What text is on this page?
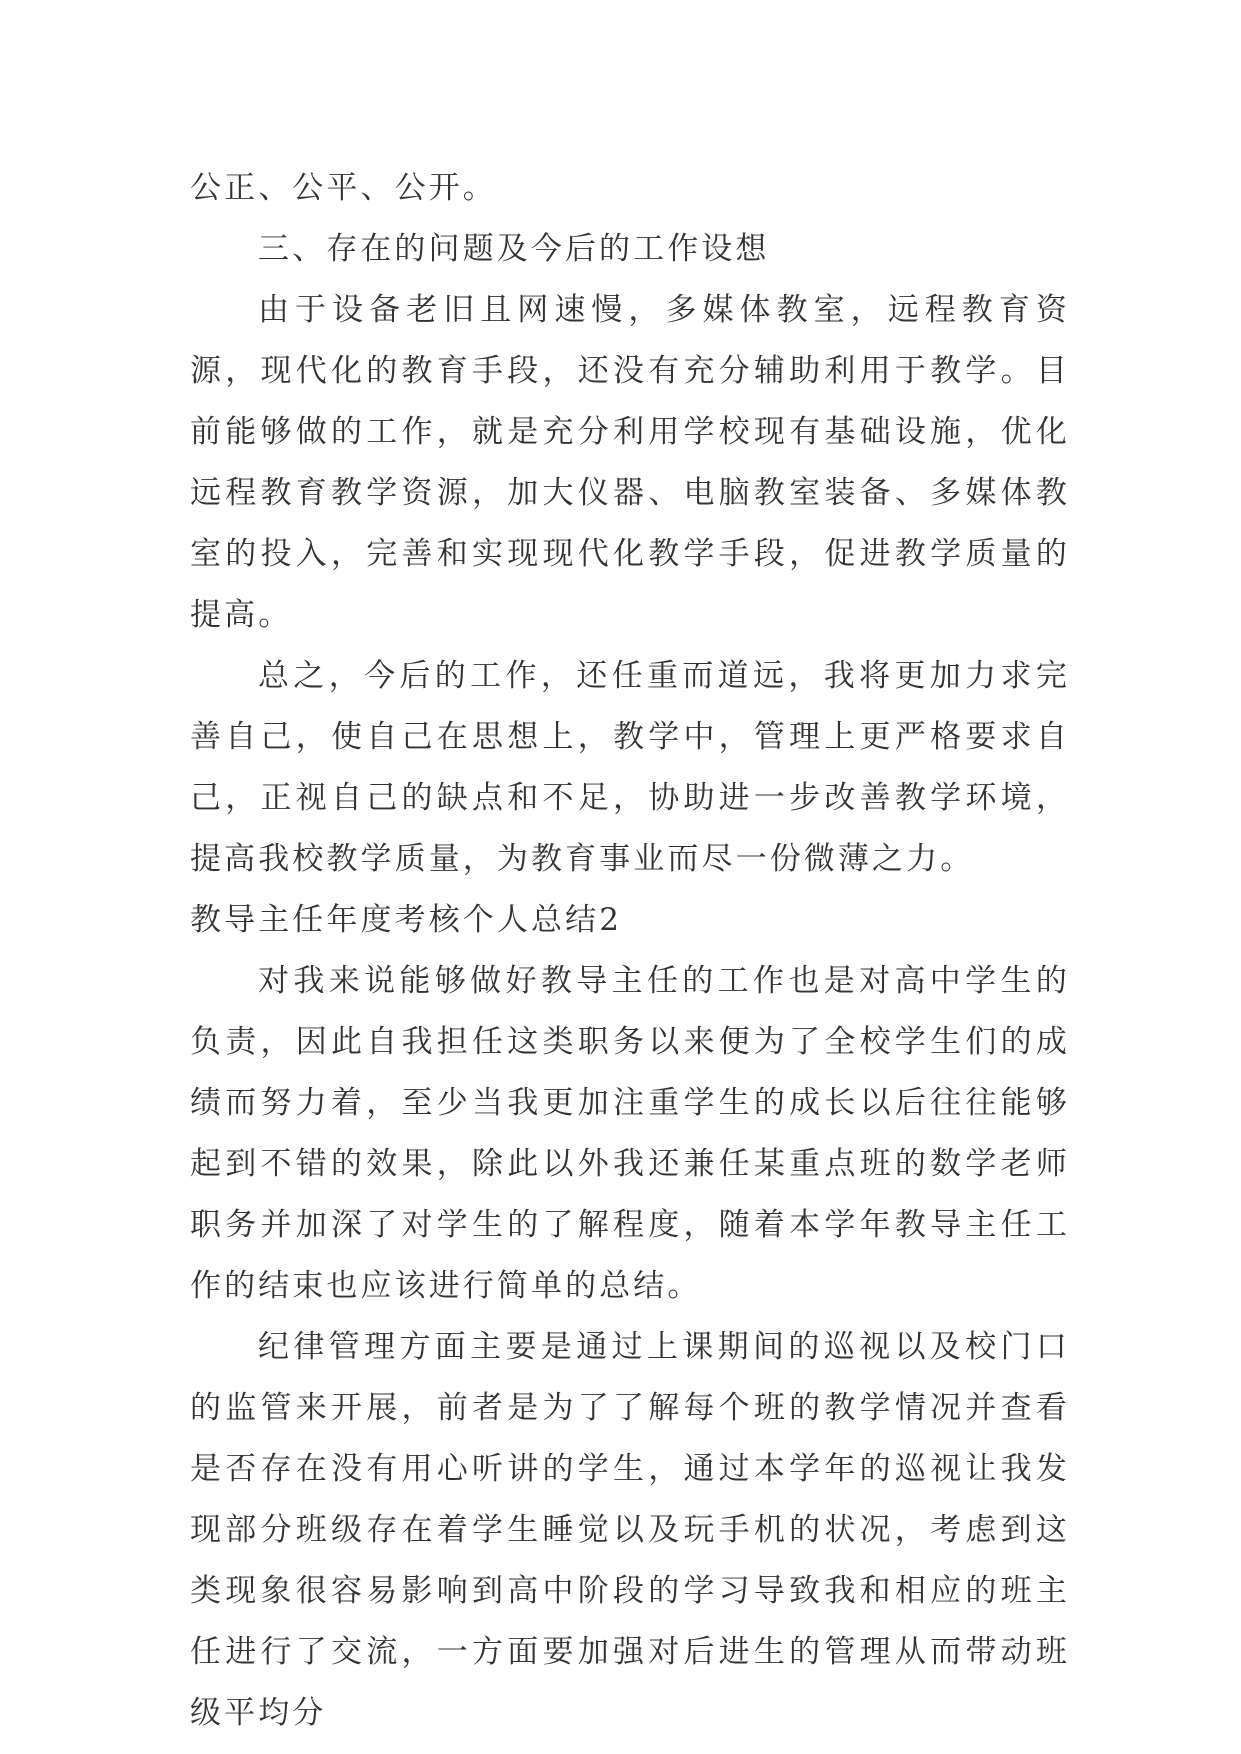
公正、公平、公开。

三、存在的问题及今后的工作设想

由于设备老旧且网速慢，多媒体教室，远程教育资源，现代化的教育手段，还没有充分辅助利用于教学。目前能够做的工作，就是充分利用学校现有基础设施，优化远程教育教学资源，加大仪器、电脑教室装备、多媒体教室的投入，完善和实现现代化教学手段，促进教学质量的提高。

总之，今后的工作，还任重而道远，我将更加力求完善自己，使自己在思想上，教学中，管理上更严格要求自己，正视自己的缺点和不足，协助进一步改善教学环境，提高我校教学质量，为教育事业而尽一份微薄之力。

教导主任年度考核个人总结2

对我来说能够做好教导主任的工作也是对高中学生的负责，因此自我担任这类职务以来便为了全校学生们的成绩而努力着，至少当我更加注重学生的成长以后往往能够起到不错的效果，除此以外我还兼任某重点班的数学老师职务并加深了对学生的了解程度，随着本学年教导主任工作的结束也应该进行简单的总结。

纪律管理方面主要是通过上课期间的巡视以及校门口的监管来开展，前者是为了了解每个班的教学情况并查看是否存在没有用心听讲的学生，通过本学年的巡视让我发现部分班级存在着学生睡觉以及玩手机的状况，考虑到这类现象很容易影响到高中阶段的学习导致我和相应的班主任进行了交流，一方面要加强对后进生的管理从而带动班级平均分
